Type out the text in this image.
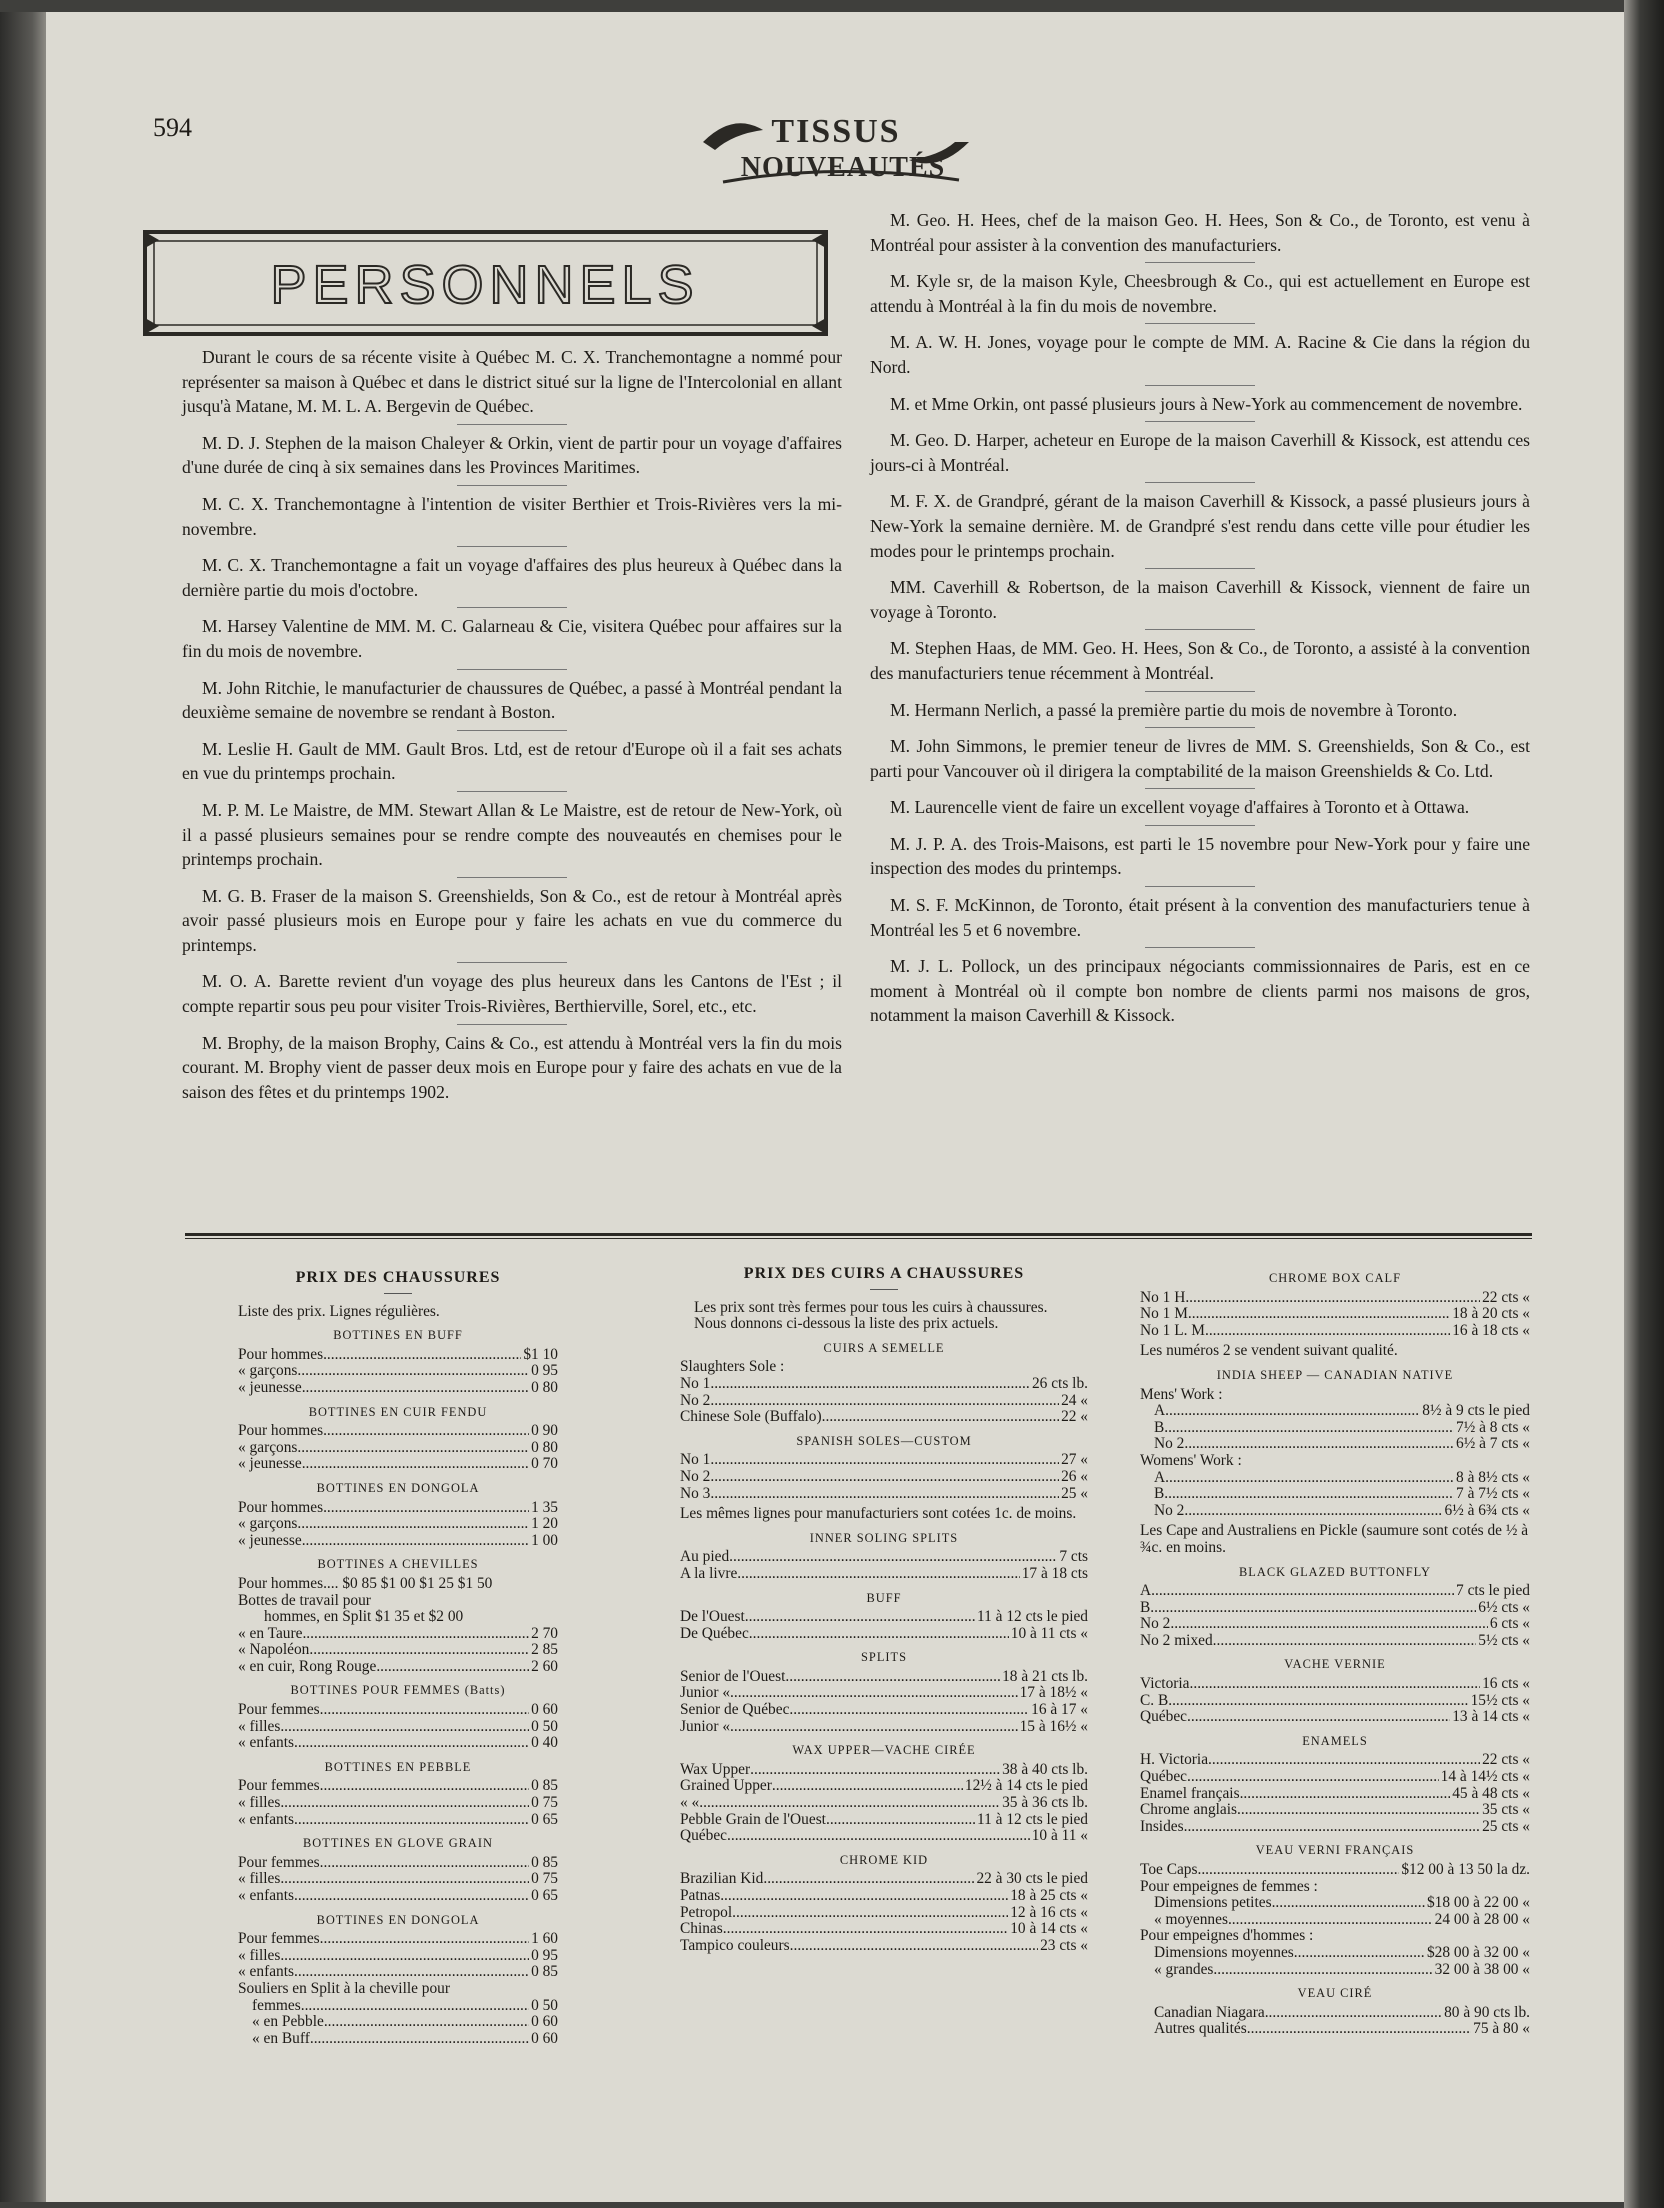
594	TISSUS
NOUVEAUTÉS
PERSONNELS

Durant le cours de sa récente visite à Québec M. C. X. Tranchemontagne a nommé pour représenter sa maison à Québec et dans le district situé sur la ligne de l'Intercolonial en allant jusqu'à Matane, M. M. L. A. Bergevin de Québec.

M. D. J. Stephen de la maison Chaleyer & Orkin, vient de partir pour un voyage d'affaires d'une durée de cinq à six semaines dans les Provinces Maritimes.

M. C. X. Tranchemontagne à l'intention de visiter Berthier et Trois-Rivières vers la mi-novembre.

M. C. X. Tranchemontagne a fait un voyage d'affaires des plus heureux à Québec dans la dernière partie du mois d'octobre.

M. Harsey Valentine de MM. M. C. Galarneau & Cie, visitera Québec pour affaires sur la fin du mois de novembre.

M. John Ritchie, le manufacturier de chaussures de Québec, a passé à Montréal pendant la deuxième semaine de novembre se rendant à Boston.

M. Leslie H. Gault de MM. Gault Bros. Ltd, est de retour d'Europe où il a fait ses achats en vue du printemps prochain.

M. P. M. Le Maistre, de MM. Stewart Allan & Le Maistre, est de retour de New-York, où il a passé plusieurs semaines pour se rendre compte des nouveautés en chemises pour le printemps prochain.

M. G. B. Fraser de la maison S. Greenshields, Son & Co., est de retour à Montréal après avoir passé plusieurs mois en Europe pour y faire les achats en vue du commerce du printemps.

M. O. A. Barette revient d'un voyage des plus heureux dans les Cantons de l'Est ; il compte repartir sous peu pour visiter Trois-Rivières, Berthierville, Sorel, etc., etc.

M. Brophy, de la maison Brophy, Cains & Co., est attendu à Montréal vers la fin du mois courant. M. Brophy vient de passer deux mois en Europe pour y faire des achats en vue de la saison des fêtes et du printemps 1902.

M. Geo. H. Hees, chef de la maison Geo. H. Hees, Son & Co., de Toronto, est venu à Montréal pour assister à la convention des manufacturiers.

M. Kyle sr, de la maison Kyle, Cheesbrough & Co., qui est actuellement en Europe est attendu à Montréal à la fin du mois de novembre.

M. A. W. H. Jones, voyage pour le compte de MM. A. Racine & Cie dans la région du Nord.

M. et Mme Orkin, ont passé plusieurs jours à New-York au commencement de novembre.

M. Geo. D. Harper, acheteur en Europe de la maison Caverhill & Kissock, est attendu ces jours-ci à Montréal.

M. F. X. de Grandpré, gérant de la maison Caverhill & Kissock, a passé plusieurs jours à New-York la semaine dernière. M. de Grandpré s'est rendu dans cette ville pour étudier les modes pour le printemps prochain.

MM. Caverhill & Robertson, de la maison Caverhill & Kissock, viennent de faire un voyage à Toronto.

M. Stephen Haas, de MM. Geo. H. Hees, Son & Co., de Toronto, a assisté à la convention des manufacturiers tenue récemment à Montréal.

M. Hermann Nerlich, a passé la première partie du mois de novembre à Toronto.

M. John Simmons, le premier teneur de livres de MM. S. Greenshields, Son & Co., est parti pour Vancouver où il dirigera la comptabilité de la maison Greenshields & Co. Ltd.

M. Laurencelle vient de faire un excellent voyage d'affaires à Toronto et à Ottawa.

M. J. P. A. des Trois-Maisons, est parti le 15 novembre pour New-York pour y faire une inspection des modes du printemps.

M. S. F. McKinnon, de Toronto, était présent à la convention des manufacturiers tenue à Montréal les 5 et 6 novembre.

M. J. L. Pollock, un des principaux négociants commissionnaires de Paris, est en ce moment à Montréal où il compte bon nombre de clients parmi nos maisons de gros, notamment la maison Caverhill & Kissock.

PRIX DES CHAUSSURES
Liste des prix. Lignes régulières.
BOTTINES EN BUFF
Pour hommes .....	$1 10
« garçons .....	0 95
« jeunesse .....	0 80
BOTTINES EN CUIR FENDU
Pour hommes .....	0 90
« garçons .....	0 80
« jeunesse .....	0 70
BOTTINES EN DONGOLA
Pour hommes .....	1 35
« garçons .....	1 20
« jeunesse .....	1 00
BOTTINES A CHEVILLES
Pour hommes.... $0 85 $1 00 $1 25 $1 50
Bottes de travail pour
hommes, en Split $1 35 et $2 00
« en Taure .....	2 70
« Napoléon .....	2 85
« en cuir, Rong Rouge .....	2 60
BOTTINES POUR FEMMES (Batts)
Pour femmes .....	0 60
« filles .....	0 50
« enfants .....	0 40
BOTTINES EN PEBBLE
Pour femmes .....	0 85
« filles .....	0 75
« enfants .....	0 65
BOTTINES EN GLOVE GRAIN
Pour femmes .....	0 85
« filles .....	0 75
« enfants .....	0 65
BOTTINES EN DONGOLA
Pour femmes .....	1 60
« filles .....	0 95
« enfants .....	0 85
Souliers en Split à la cheville pour
femmes .....	0 50
« en Pebble .....	0 60
« en Buff .....	0 60
PRIX DES CUIRS A CHAUSSURES
Les prix sont très fermes pour tous les cuirs à chaussures.
Nous donnons ci-dessous la liste des prix actuels.
CUIRS A SEMELLE
Slaughters Sole :
No 1 .....	26 cts lb.
No 2 .....	24 «
Chinese Sole (Buffalo) .....	22 «
SPANISH SOLES—CUSTOM
No 1 .....	27 «
No 2 .....	26 «
No 3 .....	25 «
Les mêmes lignes pour manufacturiers sont cotées 1c. de moins.
INNER SOLING SPLITS
Au pied .....	7 cts
A la livre .....	17 à 18 cts
BUFF
De l'Ouest .....	11 à 12 cts le pied
De Québec .....	10 à 11 cts «
SPLITS
Senior de l'Ouest .....	18 à 21 cts lb.
Junior « .....	17 à 18½ «
Senior de Québec .....	16 à 17 «
Junior « .....	15 à 16½ «
WAX UPPER—VACHE CIRÉE
Wax Upper .....	38 à 40 cts lb.
Grained Upper .....	12½ à 14 cts le pied
« « .....	35 à 36 cts lb.
Pebble Grain de l'Ouest .....	11 à 12 cts le pied
Québec .....	10 à 11 «
CHROME KID
Brazilian Kid .....	22 à 30 cts le pied
Patnas .....	18 à 25 cts «
Petropol .....	12 à 16 cts «
Chinas .....	10 à 14 cts «
Tampico couleurs .....	23 cts «
CHROME BOX CALF
No 1 H .....	22 cts «
No 1 M .....	18 à 20 cts «
No 1 L. M .....	16 à 18 cts «
Les numéros 2 se vendent suivant qualité.
INDIA SHEEP — CANADIAN NATIVE
Mens' Work :
A .....	8½ à 9 cts le pied
B .....	7½ à 8 cts «
No 2 .....	6½ à 7 cts «
Womens' Work :
A .....	8 à 8½ cts «
B .....	7 à 7½ cts «
No 2 .....	6½ à 6¾ cts «
Les Cape and Australiens en Pickle (saumure sont cotés de ½ à ¾c. en moins.
BLACK GLAZED BUTTONFLY
A .....	7 cts le pied
B .....	6½ cts «
No 2 .....	6 cts «
No 2 mixed .....	5½ cts «
VACHE VERNIE
Victoria .....	16 cts «
C. B .....	15½ cts «
Québec .....	13 à 14 cts «
ENAMELS
H. Victoria .....	22 cts «
Québec .....	14 à 14½ cts «
Enamel français .....	45 à 48 cts «
Chrome anglais .....	35 cts «
Insides .....	25 cts «
VEAU VERNI FRANÇAIS
Toe Caps .....	$12 00 à 13 50 la dz.
Pour empeignes de femmes :
Dimensions petites .....	$18 00 à 22 00 «
« moyennes .....	24 00 à 28 00 «
Pour empeignes d'hommes :
Dimensions moyennes .....	$28 00 à 32 00 «
« grandes .....	32 00 à 38 00 «
VEAU CIRÉ
Canadian Niagara .....	80 à 90 cts lb.
Autres qualités .....	75 à 80 «
